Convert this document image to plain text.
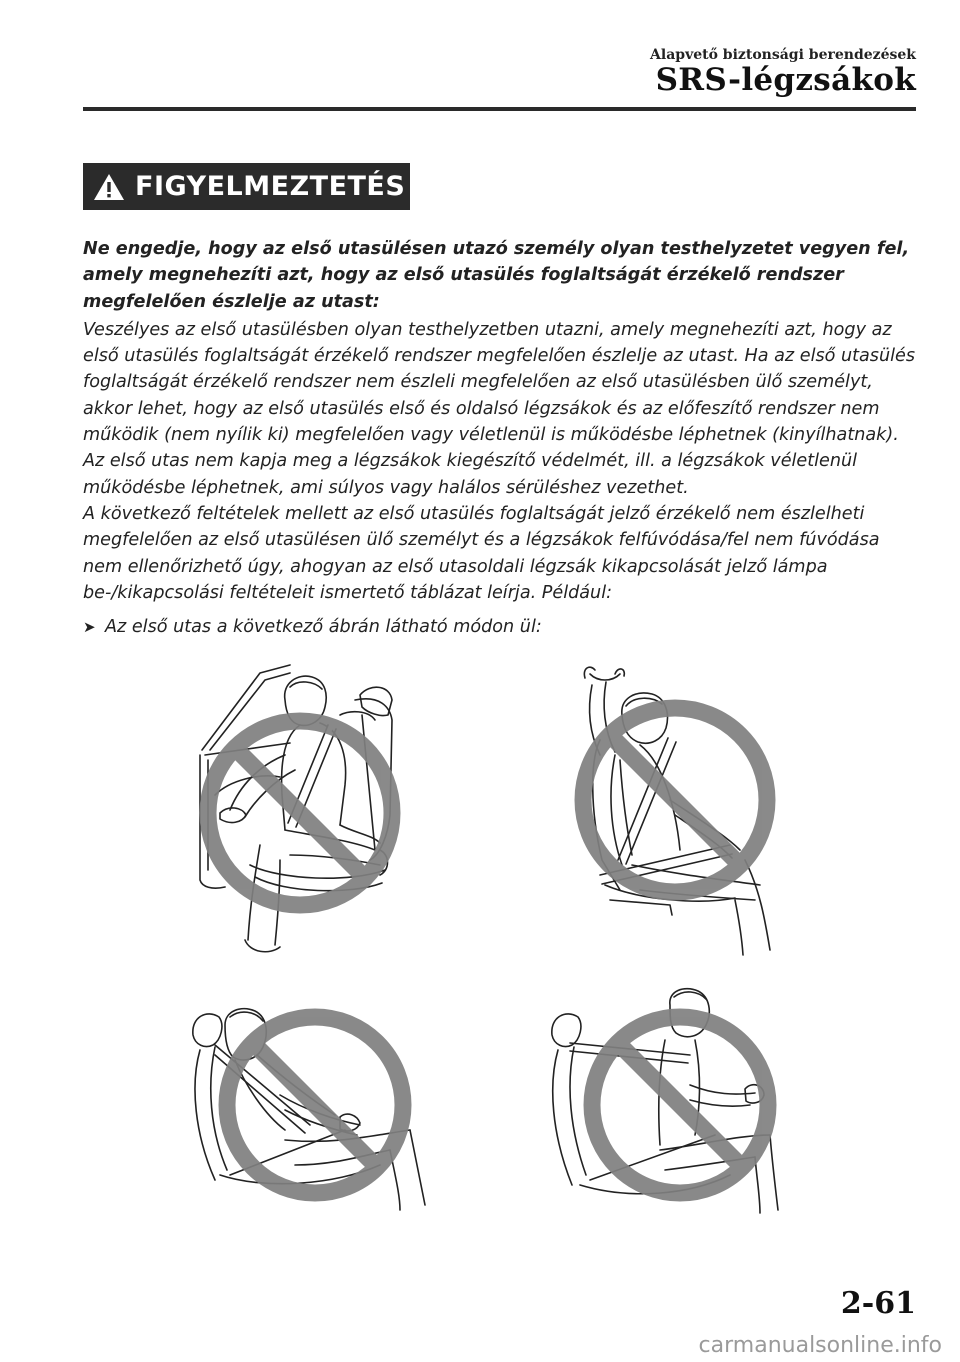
Alapvető biztonsági berendezések
SRS-légzsákok
FIGYELMEZTETÉS

Ne engedje, hogy az első utasülésen utazó személy olyan testhelyzetet vegyen fel, amely megnehezíti azt, hogy az első utasülés foglaltságát érzékelő rendszer megfelelően észlelje az utast:

Veszélyes az első utasülésben olyan testhelyzetben utazni, amely megnehezíti azt, hogy az első utasülés foglaltságát érzékelő rendszer megfelelően észlelje az utast. Ha az első utasülés foglaltságát érzékelő rendszer nem észleli megfelelően az első utasülésben ülő személyt, akkor lehet, hogy az első utasülés első és oldalsó légzsákok és az előfeszítő rendszer nem működik (nem nyílik ki) megfelelően vagy véletlenül is működésbe léphetnek (kinyílhatnak). Az első utas nem kapja meg a légzsákok kiegészítő védelmét, ill. a légzsákok véletlenül működésbe léphetnek, ami súlyos vagy halálos sérüléshez vezethet.

A következő feltételek mellett az első utasülés foglaltságát jelző érzékelő nem észlelheti megfelelően az első utasülésen ülő személyt és a légzsákok felfúvódása/fel nem fúvódása nem ellenőrizhető úgy, ahogyan az első utasoldali légzsák kikapcsolását jelző lámpa be-/kikapcsolási feltételeit ismertető táblázat leírja. Például:

➤ Az első utas a következő ábrán látható módon ül:

2-61
carmanualsonline.info
